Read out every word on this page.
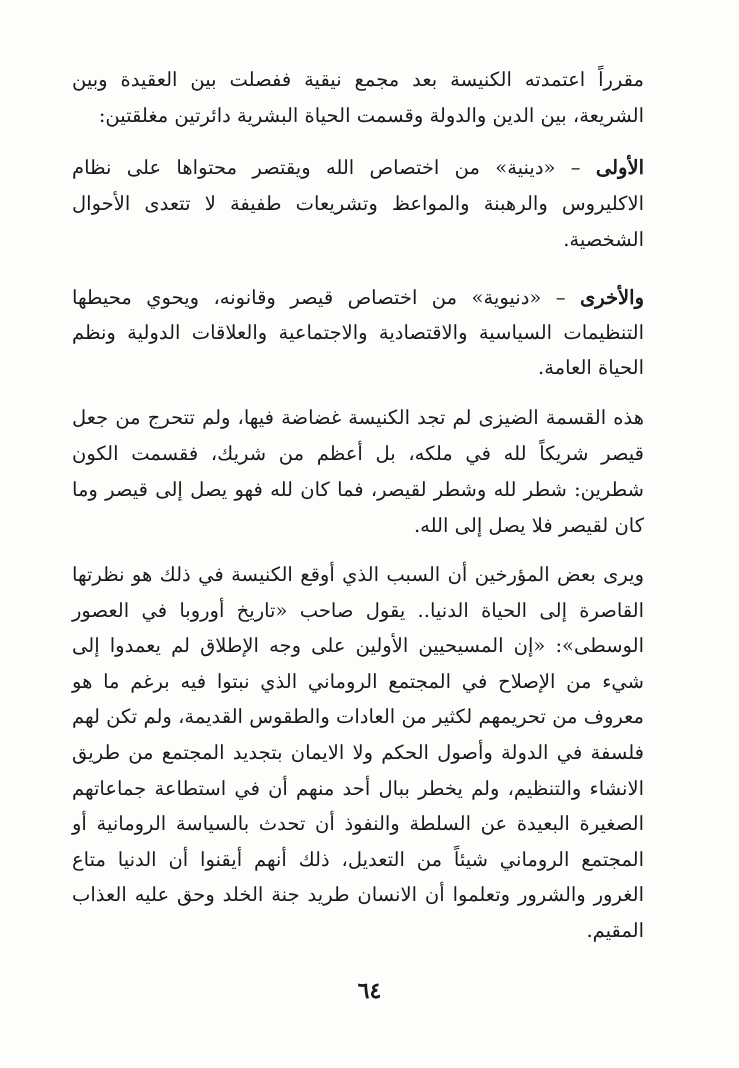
مقرراً اعتمدته الكنيسة بعد مجمع نيقية ففصلت بين العقيدة وبين الشريعة، بين الدين والدولة وقسمت الحياة البشرية دائرتين مغلقتين:

الأولى – «دينية» من اختصاص الله ويقتصر محتواها على نظام الاكليروس والرهبنة والمواعظ وتشريعات طفيفة لا تتعدى الأحوال الشخصية.

والأخرى – «دنيوية» من اختصاص قيصر وقانونه، ويحوي محيطها التنظيمات السياسية والاقتصادية والاجتماعية والعلاقات الدولية ونظم الحياة العامة.

هذه القسمة الضيزى لم تجد الكنيسة غضاضة فيها، ولم تتحرج من جعل قيصر شريكاً لله في ملكه، بل أعظم من شريك، فقسمت الكون شطرين: شطر لله وشطر لقيصر، فما كان لله فهو يصل إلى قيصر وما كان لقيصر فلا يصل إلى الله.

ويرى بعض المؤرخين أن السبب الذي أوقع الكنيسة في ذلك هو نظرتها القاصرة إلى الحياة الدنيا.. يقول صاحب «تاريخ أوروبا في العصور الوسطى»: «إن المسيحيين الأولين على وجه الإطلاق لم يعمدوا إلى شيء من الإصلاح في المجتمع الروماني الذي نبتوا فيه برغم ما هو معروف من تحريمهم لكثير من العادات والطقوس القديمة، ولم تكن لهم فلسفة في الدولة وأصول الحكم ولا الايمان بتجديد المجتمع من طريق الانشاء والتنظيم، ولم يخطر ببال أحد منهم أن في استطاعة جماعاتهم الصغيرة البعيدة عن السلطة والنفوذ أن تحدث بالسياسة الرومانية أو المجتمع الروماني شيئاً من التعديل، ذلك أنهم أيقنوا أن الدنيا متاع الغرور والشرور وتعلموا أن الانسان طريد جنة الخلد وحق عليه العذاب المقيم.

٦٤
